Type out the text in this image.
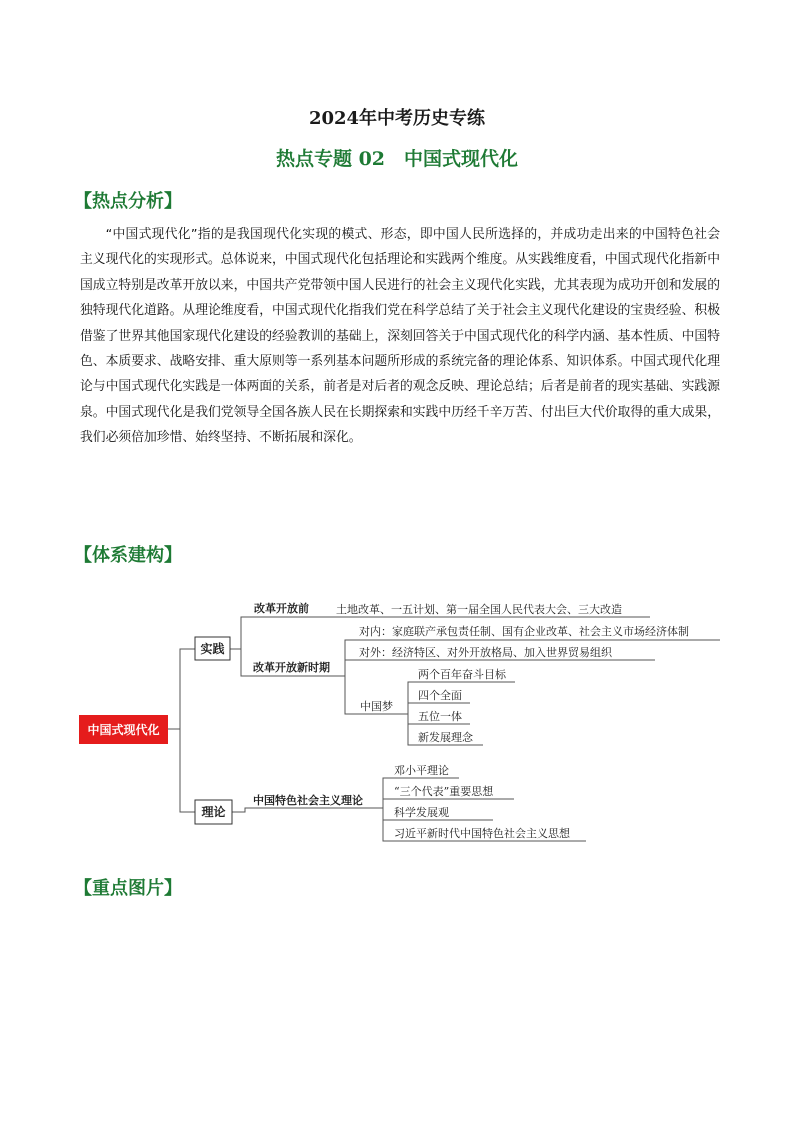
2024年中考历史专练
热点专题 02　中国式现代化
【热点分析】

“中国式现代化”指的是我国现代化实现的模式、形态，即中国人民所选择的，并成功走出来的中国特色社会主义现代化的实现形式。总体说来，中国式现代化包括理论和实践两个维度。从实践维度看，中国式现代化指新中国成立特别是改革开放以来，中国共产党带领中国人民进行的社会主义现代化实践，尤其表现为成功开创和发展的独特现代化道路。从理论维度看，中国式现代化指我们党在科学总结了关于社会主义现代化建设的宝贵经验、积极借鉴了世界其他国家现代化建设的经验教训的基础上，深刻回答关于中国式现代化的科学内涵、基本性质、中国特色、本质要求、战略安排、重大原则等一系列基本问题所形成的系统完备的理论体系、知识体系。中国式现代化理论与中国式现代化实践是一体两面的关系，前者是对后者的观念反映、理论总结；后者是前者的现实基础、实践源泉。中国式现代化是我们党领导全国各族人民在长期探索和实践中历经千辛万苦、付出巨大代价取得的重大成果，我们必须倍加珍惜、始终坚持、不断拓展和深化。

【体系建构】
中国式现代化
实践
理论
改革开放前 土地改革、一五计划、第一届全国人民代表大会、三大改造
改革开放新时期
对内：家庭联产承包责任制、国有企业改革、社会主义市场经济体制
对外：经济特区、对外开放格局、加入世界贸易组织
中国梦
两个百年奋斗目标
四个全面
五位一体
新发展理念
中国特色社会主义理论
邓小平理论
“三个代表”重要思想
科学发展观
习近平新时代中国特色社会主义思想
【重点图片】
